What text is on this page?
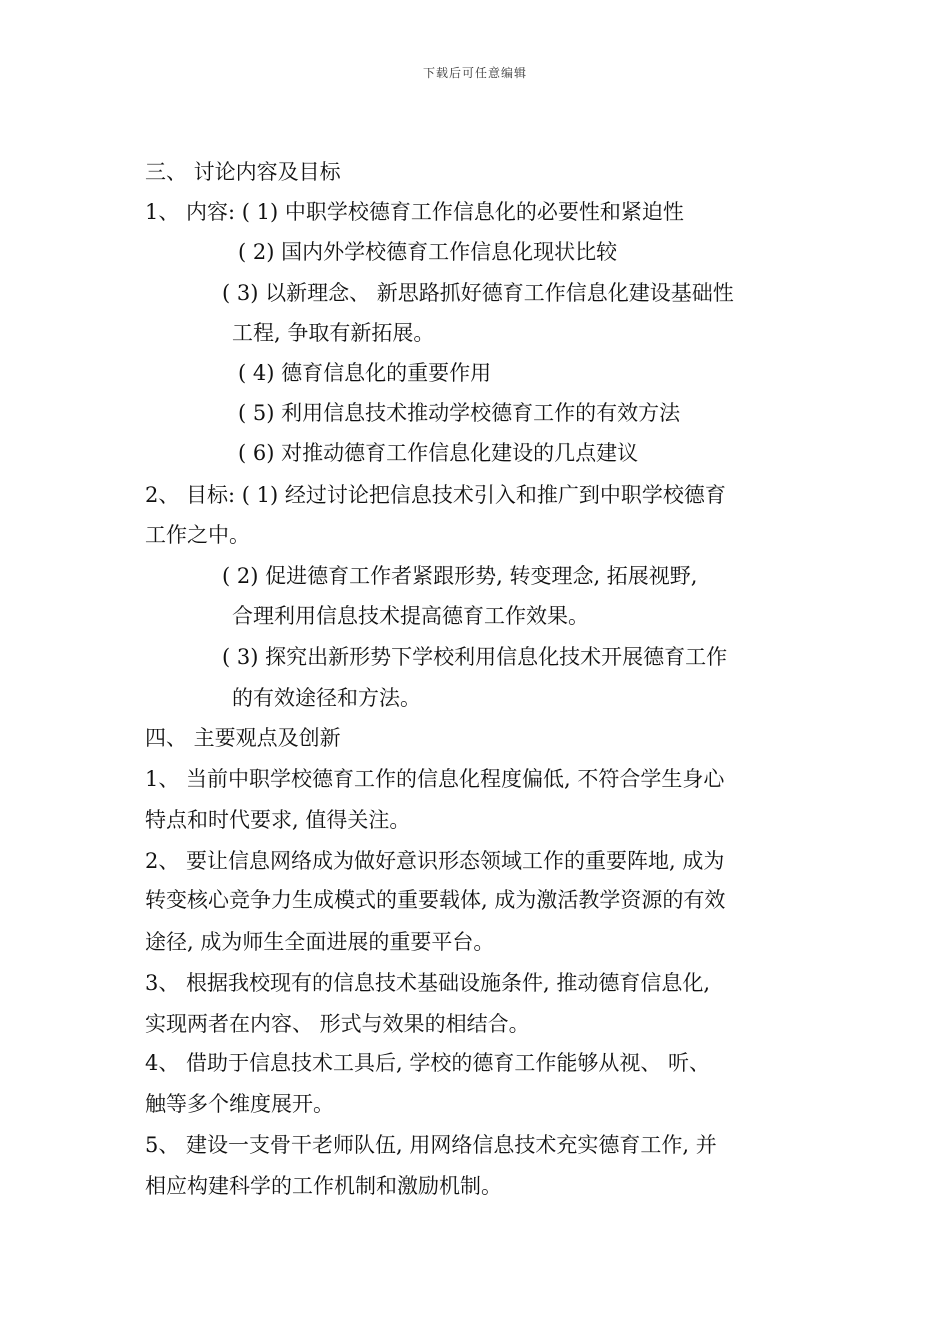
下载后可任意编辑
三、 讨论内容及目标
1、 内容: ( 1) 中职学校德育工作信息化的必要性和紧迫性
( 2) 国内外学校德育工作信息化现状比较
( 3) 以新理念、 新思路抓好德育工作信息化建设基础性
工程, 争取有新拓展。
( 4) 德育信息化的重要作用
( 5) 利用信息技术推动学校德育工作的有效方法
( 6) 对推动德育工作信息化建设的几点建议
2、 目标: ( 1) 经过讨论把信息技术引入和推广到中职学校德育
工作之中。
( 2) 促进德育工作者紧跟形势, 转变理念, 拓展视野,
合理利用信息技术提高德育工作效果。
( 3) 探究出新形势下学校利用信息化技术开展德育工作
的有效途径和方法。
四、 主要观点及创新
1、 当前中职学校德育工作的信息化程度偏低, 不符合学生身心
特点和时代要求, 值得关注。
2、 要让信息网络成为做好意识形态领域工作的重要阵地, 成为
转变核心竞争力生成模式的重要载体, 成为激活教学资源的有效
途径, 成为师生全面进展的重要平台。
3、 根据我校现有的信息技术基础设施条件, 推动德育信息化,
实现两者在内容、 形式与效果的相结合。
4、 借助于信息技术工具后, 学校的德育工作能够从视、 听、
触等多个维度展开。
5、 建设一支骨干老师队伍, 用网络信息技术充实德育工作, 并
相应构建科学的工作机制和激励机制。
